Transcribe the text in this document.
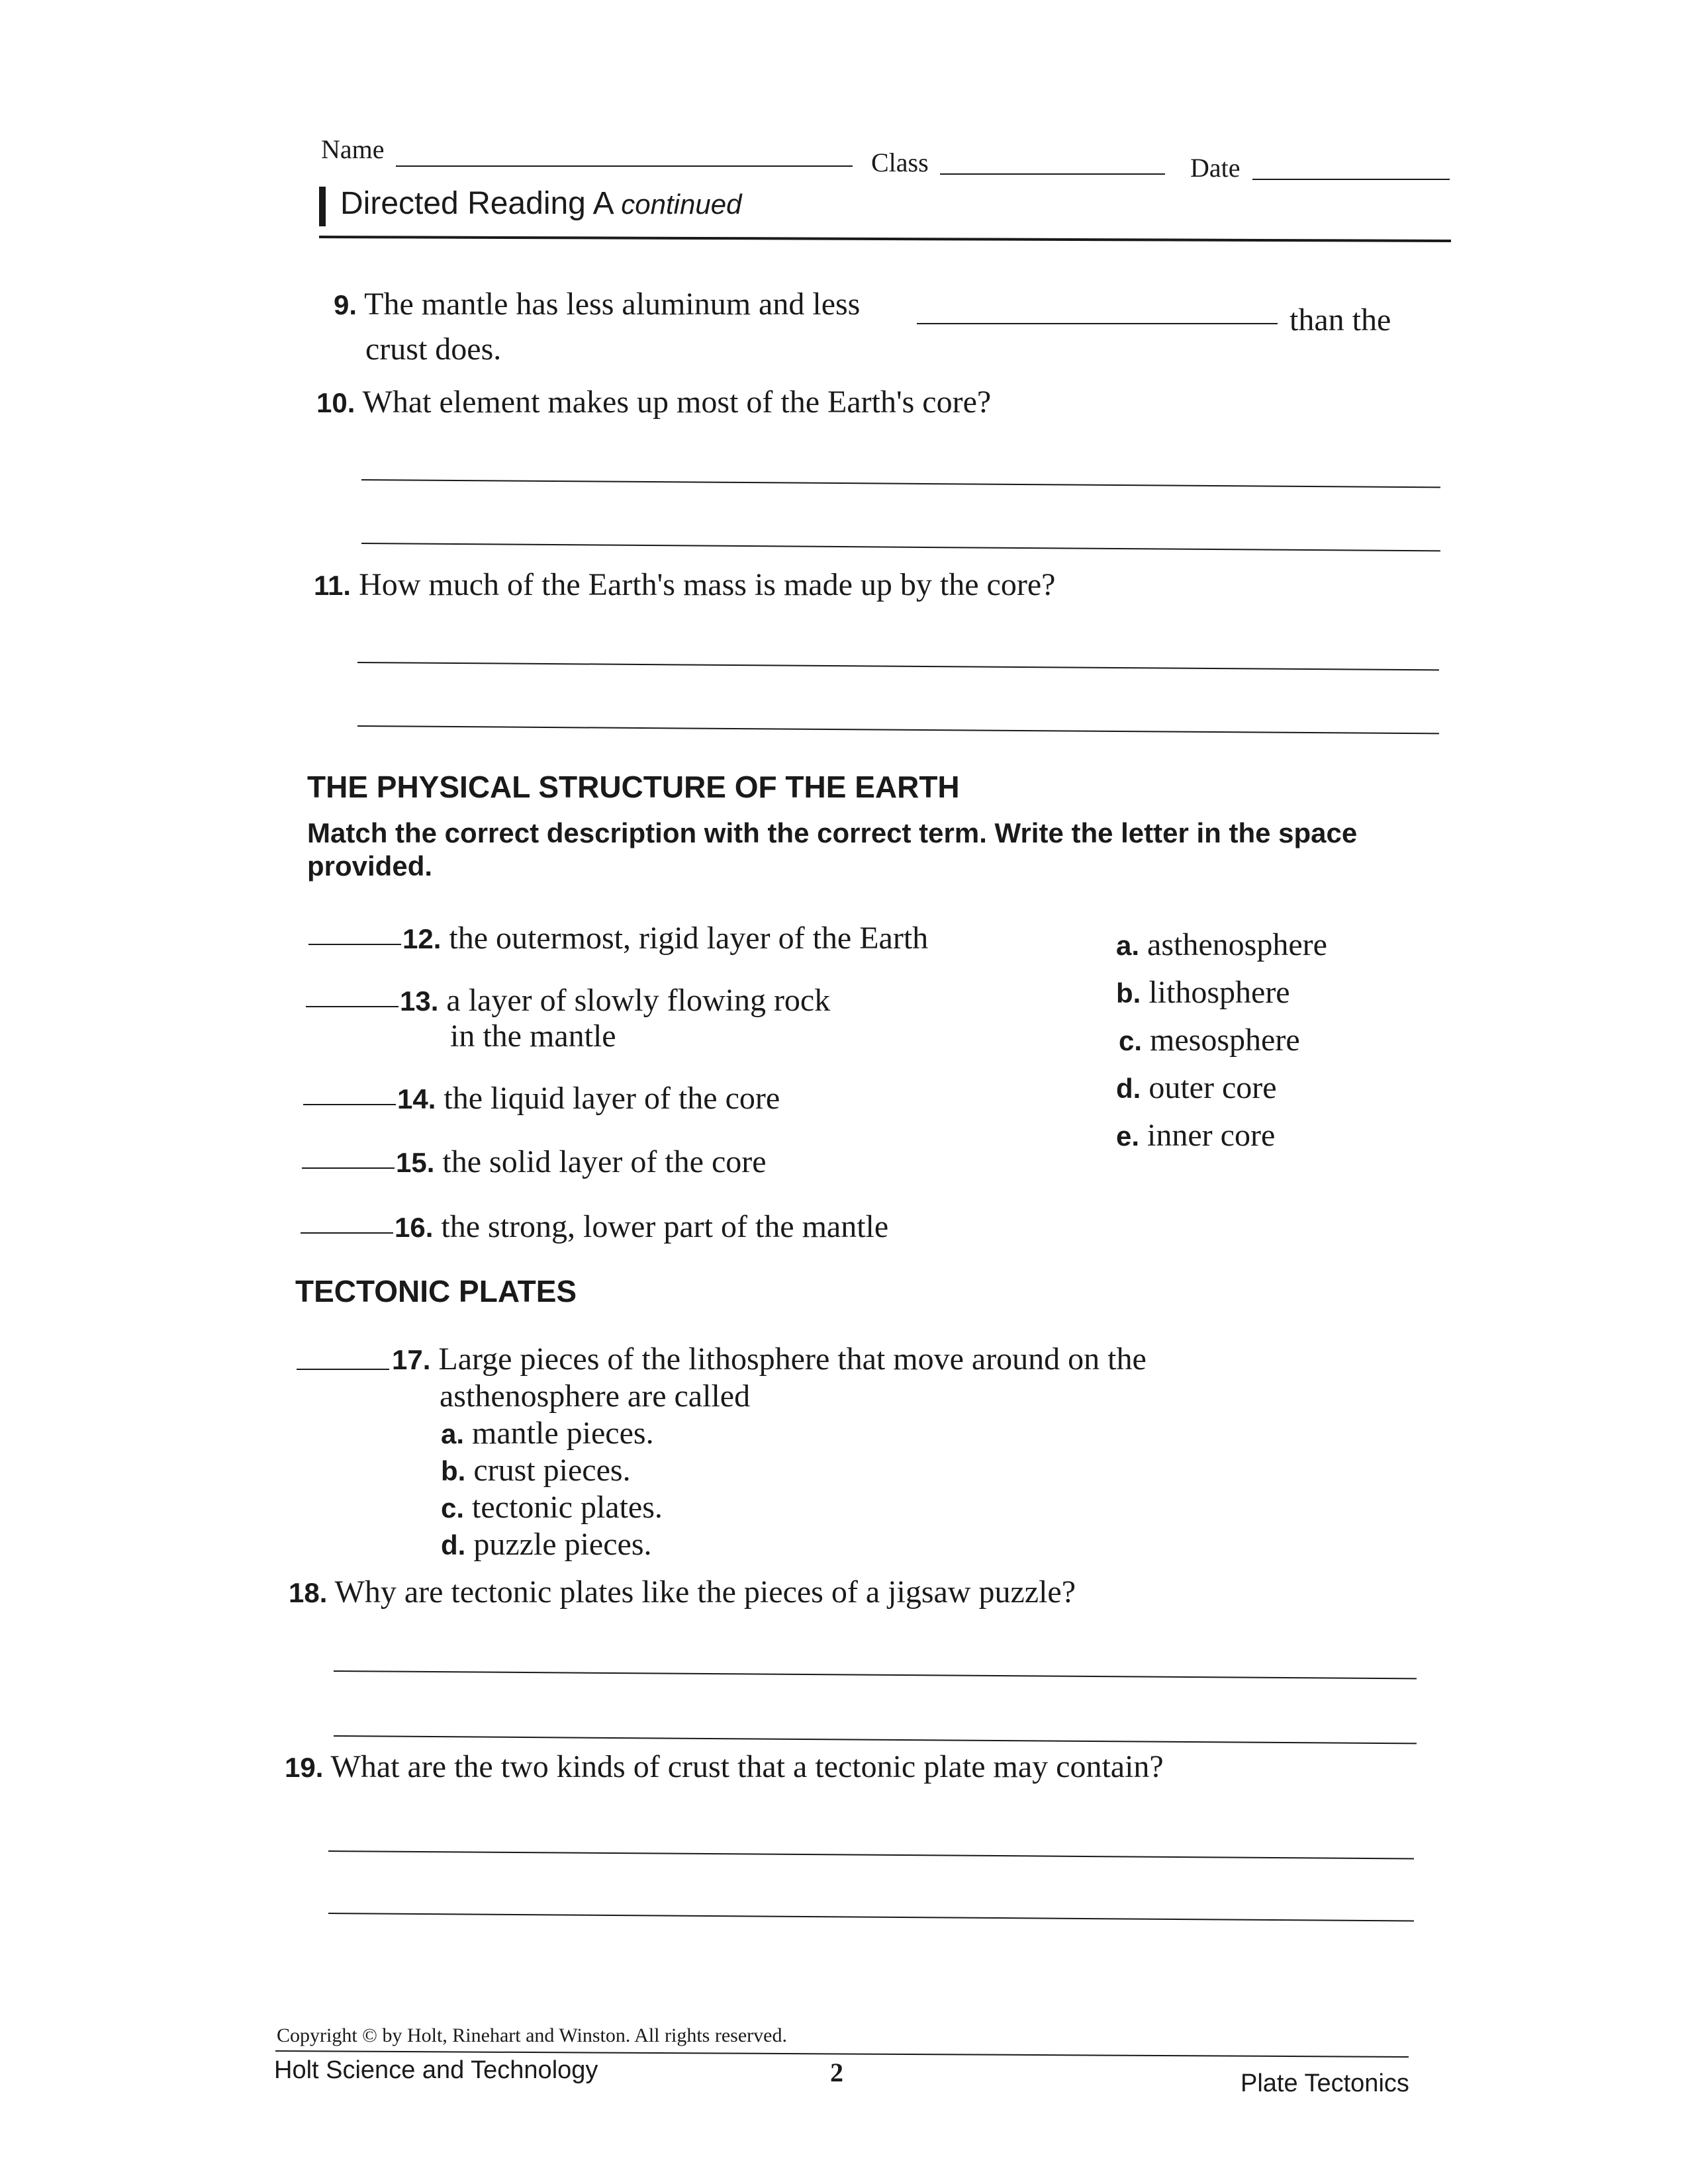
Name	Class	Date
Directed Reading A continued
9. The mantle has less aluminum and less	than the
crust does.
10. What element makes up most of the Earth's core?
11. How much of the Earth's mass is made up by the core?
THE PHYSICAL STRUCTURE OF THE EARTH
Match the correct description with the correct term. Write the letter in the space
provided.
12. the outermost, rigid layer of the Earth
13. a layer of slowly flowing rock
in the mantle
14. the liquid layer of the core
15. the solid layer of the core
16. the strong, lower part of the mantle
a. asthenosphere
b. lithosphere
c. mesosphere
d. outer core
e. inner core
TECTONIC PLATES
17. Large pieces of the lithosphere that move around on the
asthenosphere are called
a. mantle pieces.
b. crust pieces.
c. tectonic plates.
d. puzzle pieces.
18. Why are tectonic plates like the pieces of a jigsaw puzzle?
19. What are the two kinds of crust that a tectonic plate may contain?
Copyright © by Holt, Rinehart and Winston. All rights reserved.
Holt Science and Technology	2	Plate Tectonics
